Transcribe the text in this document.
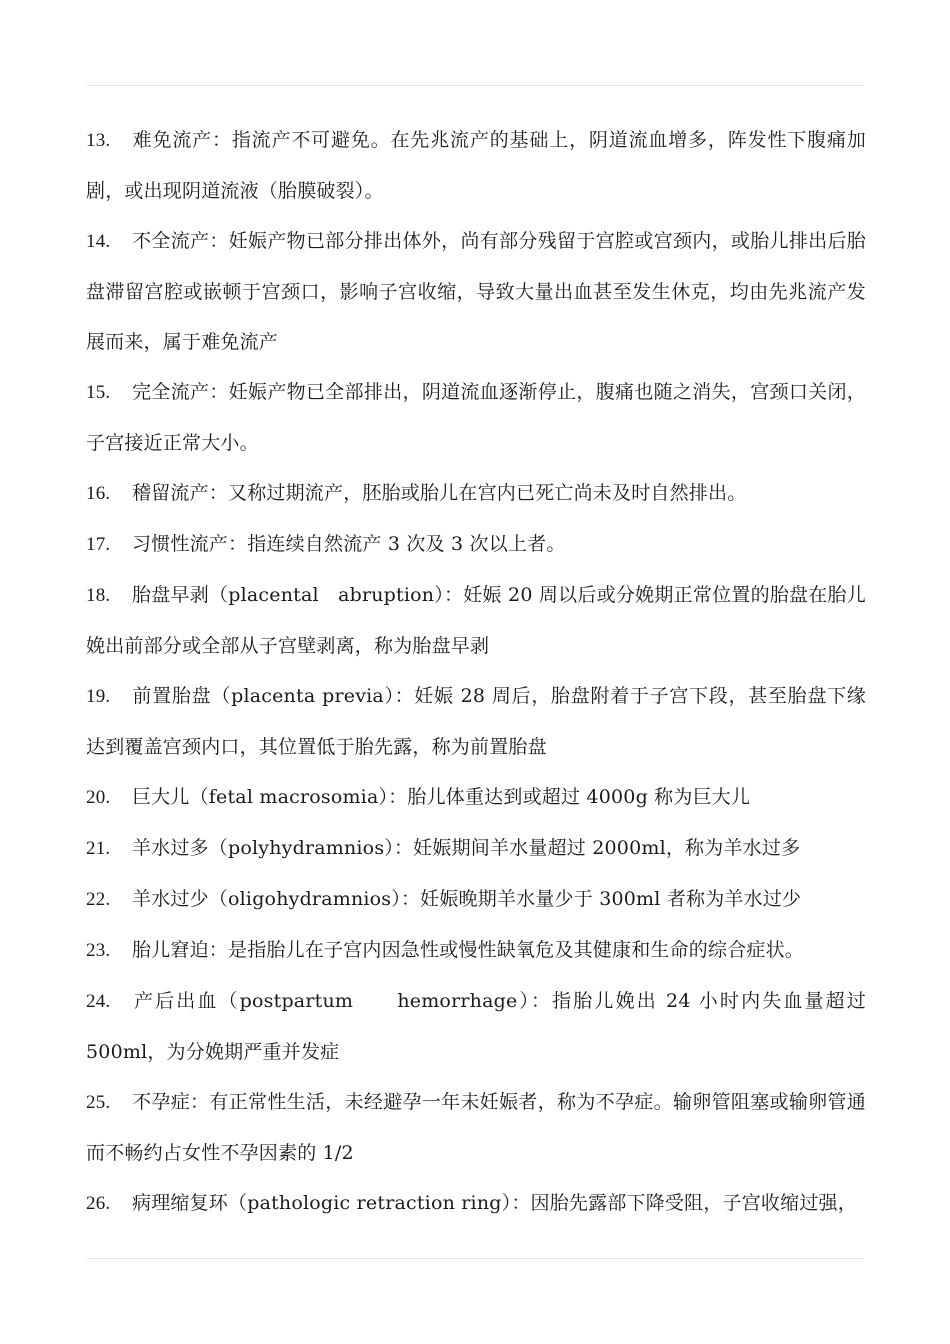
13. 难免流产：指流产不可避免。在先兆流产的基础上，阴道流血增多，阵发性下腹痛加剧，或出现阴道流液（胎膜破裂）。

14. 不全流产：妊娠产物已部分排出体外，尚有部分残留于宫腔或宫颈内，或胎儿排出后胎盘滞留宫腔或嵌顿于宫颈口，影响子宫收缩，导致大量出血甚至发生休克，均由先兆流产发展而来，属于难免流产

15. 完全流产：妊娠产物已全部排出，阴道流血逐渐停止，腹痛也随之消失，宫颈口关闭，子宫接近正常大小。

16. 稽留流产：又称过期流产，胚胎或胎儿在宫内已死亡尚未及时自然排出。

17. 习惯性流产：指连续自然流产 3 次及 3 次以上者。

18. 胎盘早剥（placental　abruption）：妊娠 20 周以后或分娩期正常位置的胎盘在胎儿娩出前部分或全部从子宫壁剥离，称为胎盘早剥

19. 前置胎盘（placenta previa）：妊娠 28 周后，胎盘附着于子宫下段，甚至胎盘下缘达到覆盖宫颈内口，其位置低于胎先露，称为前置胎盘

20. 巨大儿（fetal macrosomia）：胎儿体重达到或超过 4000g 称为巨大儿

21. 羊水过多（polyhydramnios）：妊娠期间羊水量超过 2000ml，称为羊水过多

22. 羊水过少（oligohydramnios）：妊娠晚期羊水量少于 300ml 者称为羊水过少

23. 胎儿窘迫：是指胎儿在子宫内因急性或慢性缺氧危及其健康和生命的综合症状。

24. 产后出血（postpartum　　hemorrhage）：指胎儿娩出 24 小时内失血量超过 500ml，为分娩期严重并发症

25. 不孕症：有正常性生活，未经避孕一年未妊娠者，称为不孕症。输卵管阻塞或输卵管通而不畅约占女性不孕因素的 1/2

26. 病理缩复环（pathologic retraction ring）：因胎先露部下降受阻，子宫收缩过强，
